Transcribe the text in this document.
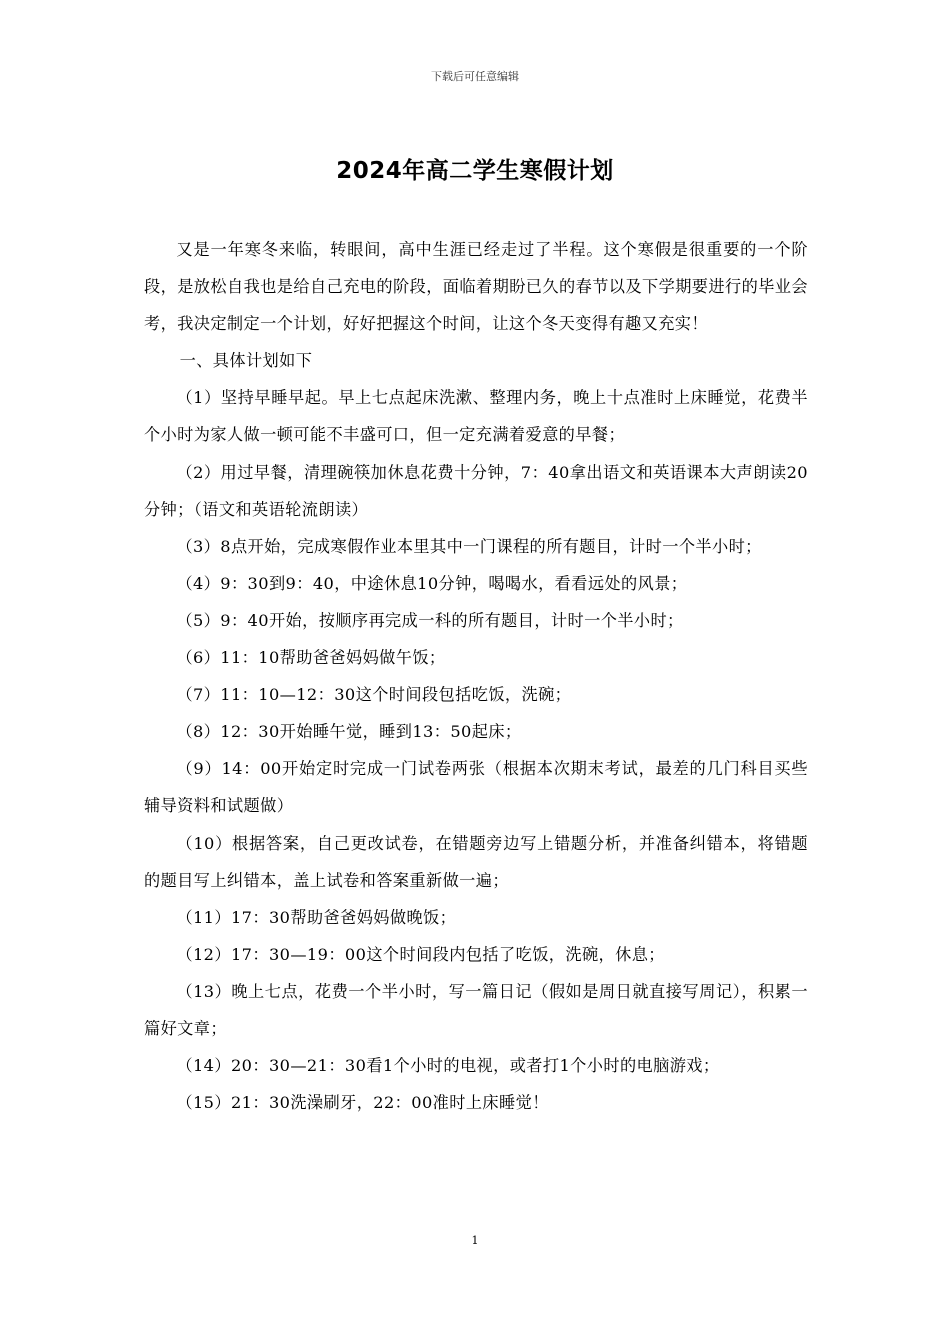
下载后可任意编辑
2024年高二学生寒假计划

又是一年寒冬来临，转眼间，高中生涯已经走过了半程。这个寒假是很重要的一个阶段，是放松自我也是给自己充电的阶段，面临着期盼已久的春节以及下学期要进行的毕业会考，我决定制定一个计划，好好把握这个时间，让这个冬天变得有趣又充实！

一、具体计划如下

（1）坚持早睡早起。早上七点起床洗漱、整理内务，晚上十点准时上床睡觉，花费半个小时为家人做一顿可能不丰盛可口，但一定充满着爱意的早餐；

（2）用过早餐，清理碗筷加休息花费十分钟，7：40拿出语文和英语课本大声朗读20分钟；（语文和英语轮流朗读）

（3）8点开始，完成寒假作业本里其中一门课程的所有题目，计时一个半小时；

（4）9：30到9：40，中途休息10分钟，喝喝水，看看远处的风景；

（5）9：40开始，按顺序再完成一科的所有题目，计时一个半小时；

（6）11：10帮助爸爸妈妈做午饭；

（7）11：10—12：30这个时间段包括吃饭，洗碗；

（8）12：30开始睡午觉，睡到13：50起床；

（9）14：00开始定时完成一门试卷两张（根据本次期末考试，最差的几门科目买些辅导资料和试题做）

（10）根据答案，自己更改试卷，在错题旁边写上错题分析，并准备纠错本，将错题的题目写上纠错本，盖上试卷和答案重新做一遍；

（11）17：30帮助爸爸妈妈做晚饭；

（12）17：30—19：00这个时间段内包括了吃饭，洗碗，休息；

（13）晚上七点，花费一个半小时，写一篇日记（假如是周日就直接写周记），积累一篇好文章；

（14）20：30—21：30看1个小时的电视，或者打1个小时的电脑游戏；

（15）21：30洗澡刷牙，22：00准时上床睡觉！

1
